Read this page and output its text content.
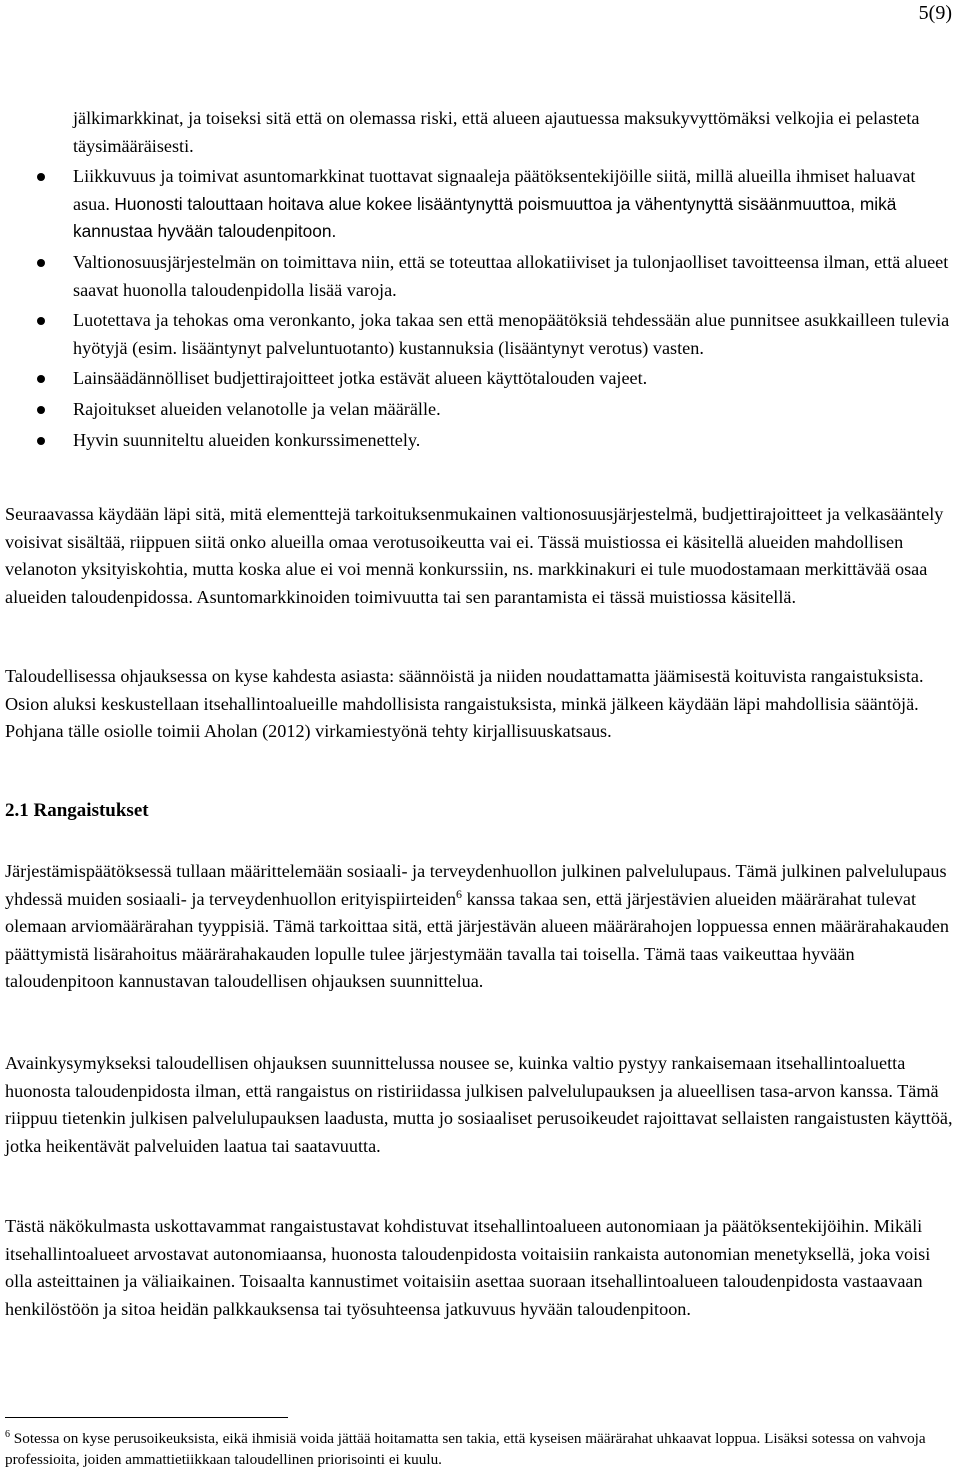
5(9)
jälkimarkkinat, ja toiseksi sitä että on olemassa riski, että alueen ajautuessa maksukyvyttömäksi velkojia ei pelasteta täysimääräisesti.
Liikkuvuus ja toimivat asuntomarkkinat tuottavat signaaleja päätöksentekijöille siitä, millä alueilla ihmiset haluavat asua. Huonosti talouttaan hoitava alue kokee lisääntynyttä poismuuttoa ja vähentynyttä sisäänmuuttoa, mikä kannustaa hyvään taloudenpitoon.
Valtionosuusjärjestelmän on toimittava niin, että se toteuttaa allokatiiviset ja tulonjaolliset tavoitteensa ilman, että alueet saavat huonolla taloudenpidolla lisää varoja.
Luotettava ja tehokas oma veronkanto, joka takaa sen että menopäätöksiä tehdessään alue punnitsee asukkailleen tulevia hyötyjä (esim. lisääntynyt palveluntuotanto) kustannuksia (lisääntynyt verotus) vasten.
Lainsäädännölliset budjettirajoitteet jotka estävät alueen käyttötalouden vajeet.
Rajoitukset alueiden velanotolle ja velan määrälle.
Hyvin suunniteltu alueiden konkurssimenettely.

Seuraavassa käydään läpi sitä, mitä elementtejä tarkoituksenmukainen valtionosuusjärjestelmä, budjettirajoitteet ja velkasääntely voisivat sisältää, riippuen siitä onko alueilla omaa verotusoikeutta vai ei. Tässä muistiossa ei käsitellä alueiden mahdollisen velanoton yksityiskohtia, mutta koska alue ei voi mennä konkurssiin, ns. markkinakuri ei tule muodostamaan merkittävää osaa alueiden taloudenpidossa. Asuntomarkkinoiden toimivuutta tai sen parantamista ei tässä muistiossa käsitellä.

Taloudellisessa ohjauksessa on kyse kahdesta asiasta: säännöistä ja niiden noudattamatta jäämisestä koituvista rangaistuksista. Osion aluksi keskustellaan itsehallintoalueille mahdollisista rangaistuksista, minkä jälkeen käydään läpi mahdollisia sääntöjä. Pohjana tälle osiolle toimii Aholan (2012) virkamiestyönä tehty kirjallisuuskatsaus.

2.1 Rangaistukset

Järjestämispäätöksessä tullaan määrittelemään sosiaali- ja terveydenhuollon julkinen palvelulupaus. Tämä julkinen palvelulupaus yhdessä muiden sosiaali- ja terveydenhuollon erityispiirteiden$^6$ kanssa takaa sen, että järjestävien alueiden määrärahat tulevat olemaan arviomäärärahan tyyppisiä. Tämä tarkoittaa sitä, että järjestävän alueen määrärahojen loppuessa ennen määrärahakauden päättymistä lisärahoitus määrärahakauden lopulle tulee järjestymään tavalla tai toisella. Tämä taas vaikeuttaa hyvään taloudenpitoon kannustavan taloudellisen ohjauksen suunnittelua.

Avainkysymykseksi taloudellisen ohjauksen suunnittelussa nousee se, kuinka valtio pystyy rankaisemaan itsehallintoaluetta huonosta taloudenpidosta ilman, että rangaistus on ristiriidassa julkisen palvelulupauksen ja alueellisen tasa-arvon kanssa. Tämä riippuu tietenkin julkisen palvelulupauksen laadusta, mutta jo sosiaaliset perusoikeudet rajoittavat sellaisten rangaistusten käyttöä, jotka heikentävät palveluiden laatua tai saatavuutta.

Tästä näkökulmasta uskottavammat rangaistustavat kohdistuvat itsehallintoalueen autonomiaan ja päätöksentekijöihin. Mikäli itsehallintoalueet arvostavat autonomiaansa, huonosta taloudenpidosta voitaisiin rankaista autonomian menetyksellä, joka voisi olla asteittainen ja väliaikainen. Toisaalta kannustimet voitaisiin asettaa suoraan itsehallintoalueen taloudenpidosta vastaavaan henkilöstöön ja sitoa heidän palkkauksensa tai työsuhteensa jatkuvuus hyvään taloudenpitoon.

$^6$ Sotessa on kyse perusoikeuksista, eikä ihmisiä voida jättää hoitamatta sen takia, että kyseisen määrärahat uhkaavat loppua. Lisäksi sotessa on vahvoja professioita, joiden ammattietiikkaan taloudellinen priorisointi ei kuulu.
